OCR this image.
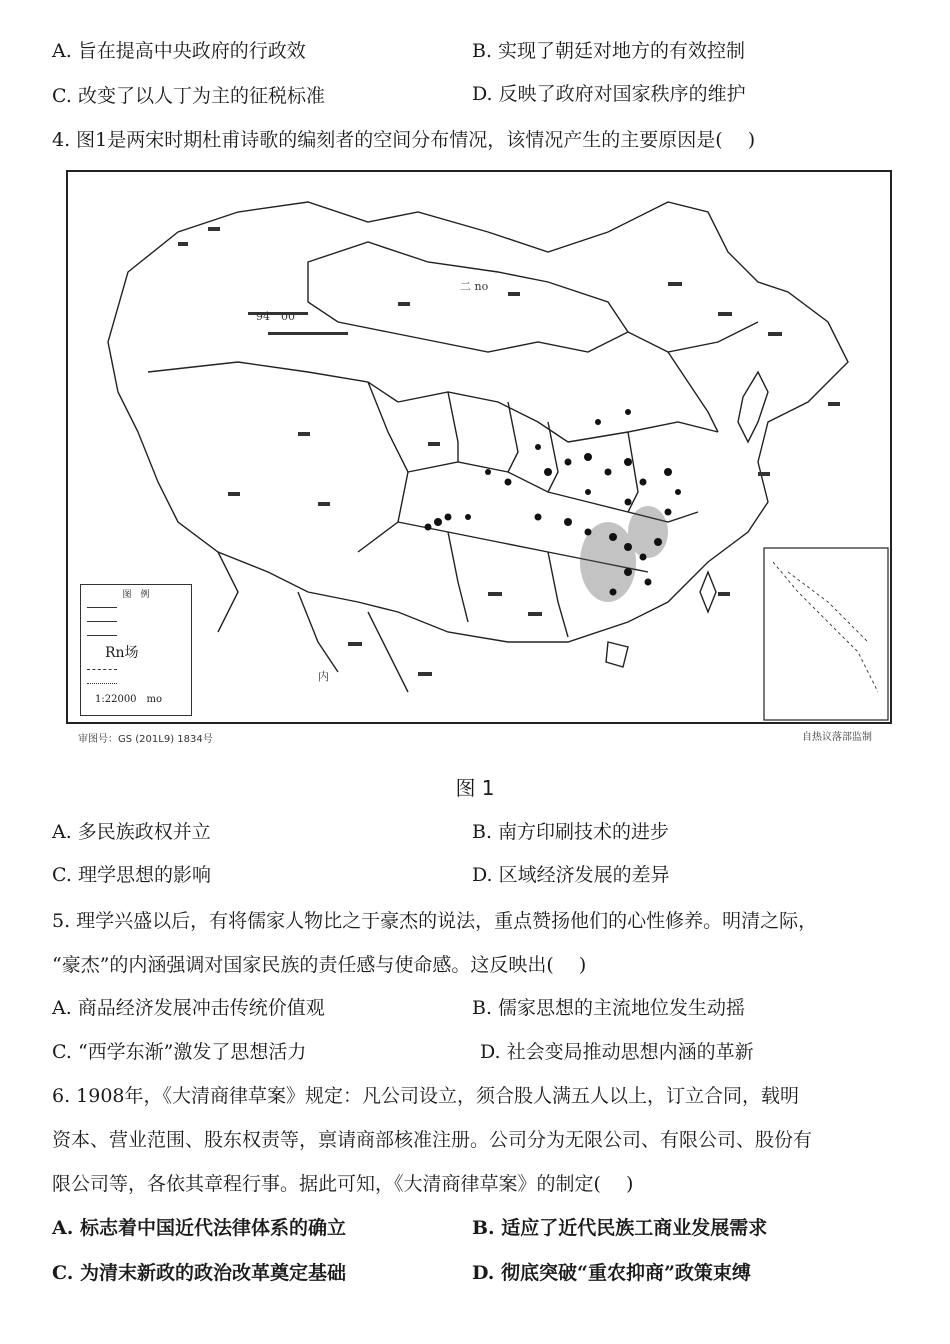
A. 旨在提高中央政府的行政效	B. 实现了朝廷对地方的有效控制
C. 改变了以人丁为主的征税标准	D. 反映了政府对国家秩序的维护
4. 图1是两宋时期杜甫诗歌的编刻者的空间分布情况，该情况产生的主要原因是(　 )
二 no
94　00
内
图　例
Rn场
1:22000　mo
审图号：GS (201L9) 1834号	自热议落部监制
图 1
A. 多民族政权并立	B. 南方印刷技术的进步
C. 理学思想的影响	D. 区域经济发展的差异
5. 理学兴盛以后，有将儒家人物比之于豪杰的说法，重点赞扬他们的心性修养。明清之际，
“豪杰”的内涵强调对国家民族的责任感与使命感。这反映出(　 )
A. 商品经济发展冲击传统价值观	B. 儒家思想的主流地位发生动摇
C. “西学东渐”激发了思想活力	D. 社会变局推动思想内涵的革新
6. 1908年，《大清商律草案》规定：凡公司设立，须合股人满五人以上，订立合同，载明
资本、营业范围、股东权责等，禀请商部核准注册。公司分为无限公司、有限公司、股份有
限公司等，各依其章程行事。据此可知，《大清商律草案》的制定(　 )
A. 标志着中国近代法律体系的确立	B. 适应了近代民族工商业发展需求
C. 为清末新政的政治改革奠定基础	D. 彻底突破“重农抑商”政策束缚
